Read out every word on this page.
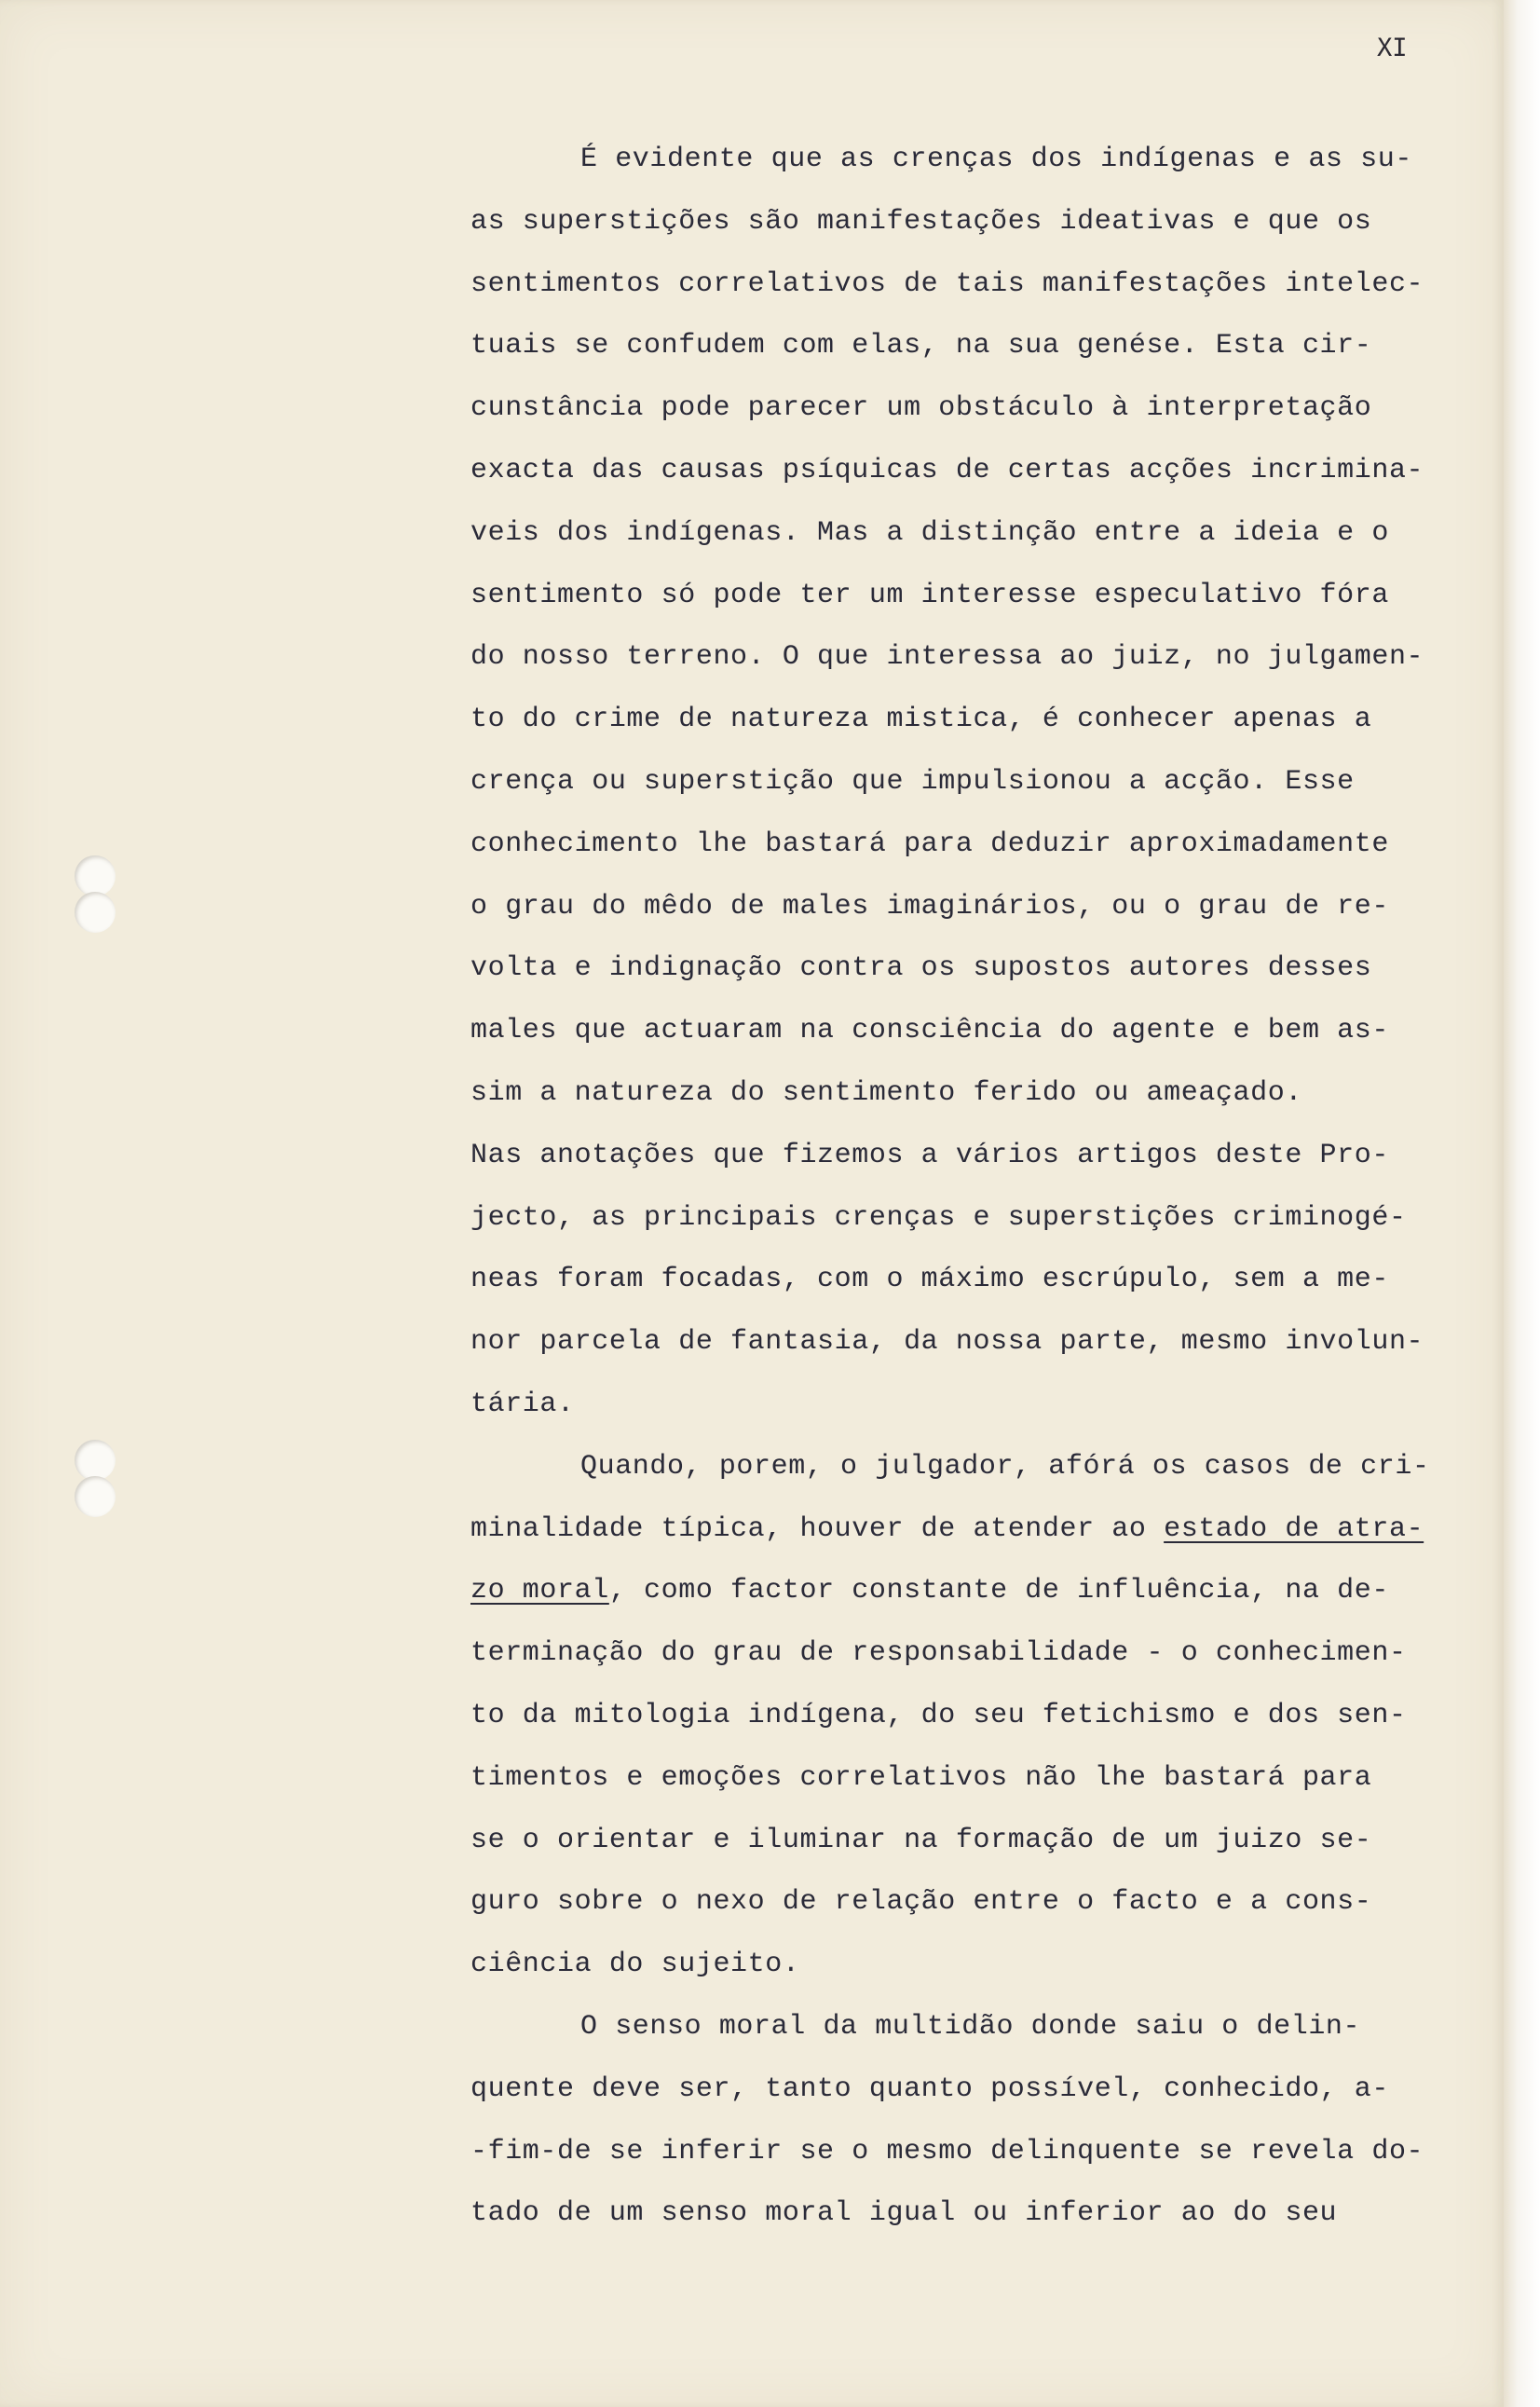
XI
É evidente que as crenças dos indígenas e as su-
as superstições são manifestações ideativas e que os
sentimentos correlativos de tais manifestações intelec-
tuais se confudem com elas, na sua genése. Esta cir-
cunstância pode parecer um obstáculo à interpretação
exacta das causas psíquicas de certas acções incrimina-
veis dos indígenas. Mas a distinção entre a ideia e o
sentimento só pode ter um interesse especulativo fóra
do nosso terreno. O que interessa ao juiz, no julgamen-
to do crime de natureza mistica, é conhecer apenas a
crença ou superstição que impulsionou a acção. Esse
conhecimento lhe bastará para deduzir aproximadamente
o grau do mêdo de males imaginários, ou o grau de re-
volta e indignação contra os supostos autores desses
males que actuaram na consciência do agente e bem as-
sim a natureza do sentimento ferido ou ameaçado.
Nas anotações que fizemos a vários artigos deste Pro-
jecto, as principais crenças e superstições criminogé-
neas foram focadas, com o máximo escrúpulo, sem a me-
nor parcela de fantasia, da nossa parte, mesmo involun-
tária.
Quando, porem, o julgador, afórá os casos de cri-
minalidade típica, houver de atender ao estado de atra-
zo moral, como factor constante de influência, na de-
terminação do grau de responsabilidade - o conhecimen-
to da mitologia indígena, do seu fetichismo e dos sen-
timentos e emoções correlativos não lhe bastará para
se o orientar e iluminar na formação de um juizo se-
guro sobre o nexo de relação entre o facto e a cons-
ciência do sujeito.
O senso moral da multidão donde saiu o delin-
quente deve ser, tanto quanto possível, conhecido, a-
-fim-de se inferir se o mesmo delinquente se revela do-
tado de um senso moral igual ou inferior ao do seu
